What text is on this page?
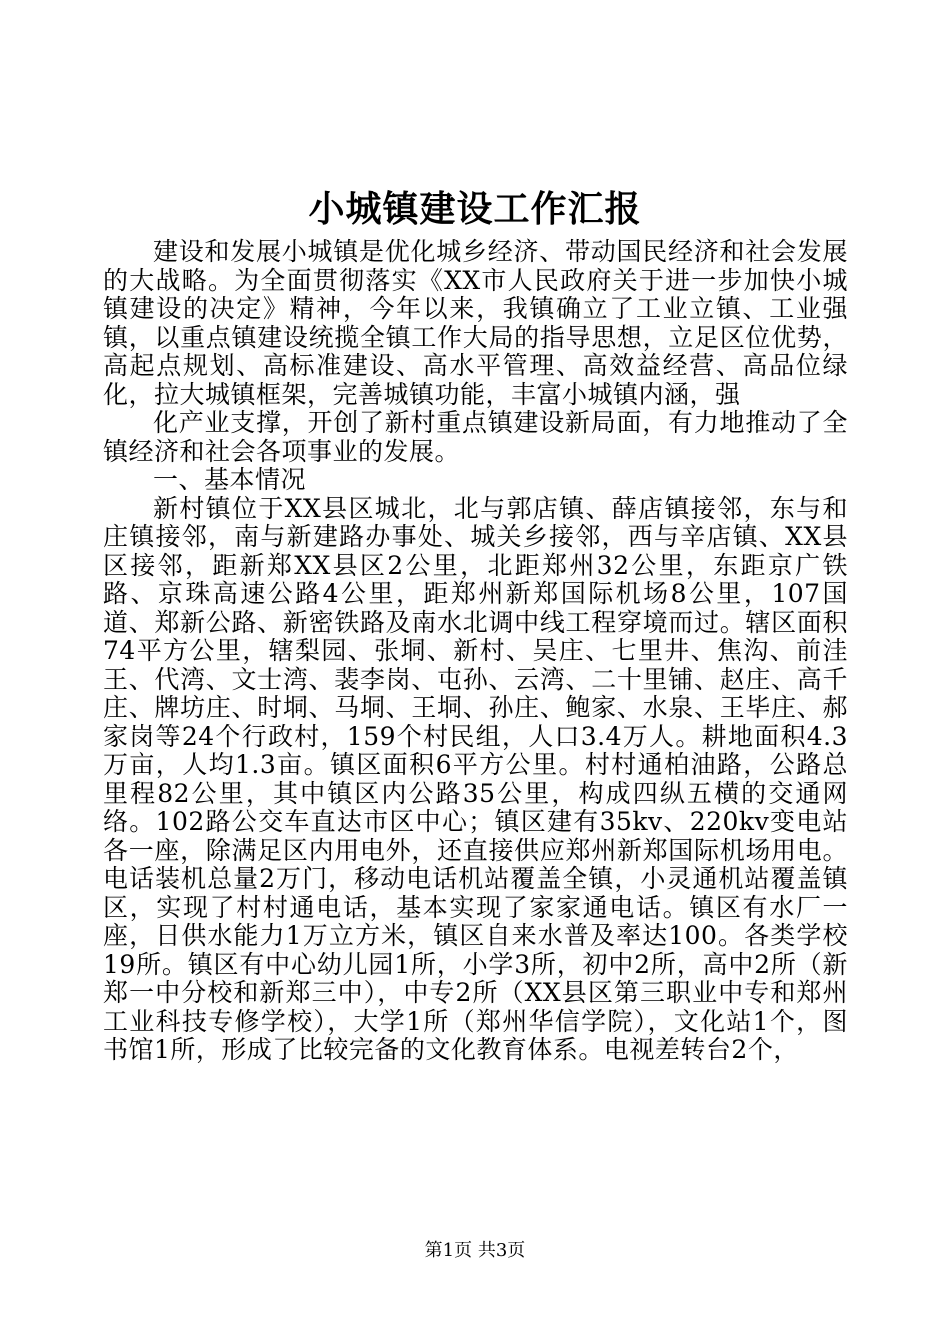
小城镇建设工作汇报

建设和发展小城镇是优化城乡经济、带动国民经济和社会发展的大战略。为全面贯彻落实《XX市人民政府关于进一步加快小城镇建设的决定》精神，今年以来，我镇确立了工业立镇、工业强镇，以重点镇建设统揽全镇工作大局的指导思想，立足区位优势，高起点规划、高标准建设、高水平管理、高效益经营、高品位绿化，拉大城镇框架，完善城镇功能，丰富小城镇内涵，强

化产业支撑，开创了新村重点镇建设新局面，有力地推动了全镇经济和社会各项事业的发展。

一、基本情况

新村镇位于XX县区城北，北与郭店镇、薛店镇接邻，东与和庄镇接邻，南与新建路办事处、城关乡接邻，西与辛店镇、XX县区接邻，距新郑XX县区2公里，北距郑州32公里，东距京广铁路、京珠高速公路4公里，距郑州新郑国际机场8公里，107国道、郑新公路、新密铁路及南水北调中线工程穿境而过。辖区面积74平方公里，辖梨园、张垌、新村、吴庄、七里井、焦沟、前洼王、代湾、文士湾、裴李岗、屯孙、云湾、二十里铺、赵庄、高千庄、牌坊庄、时垌、马垌、王垌、孙庄、鲍家、水泉、王毕庄、郝家岗等24个行政村，159个村民组，人口3.4万人。耕地面积4.3万亩，人均1.3亩。镇区面积6平方公里。村村通柏油路，公路总里程82公里，其中镇区内公路35公里，构成四纵五横的交通网络。102路公交车直达市区中心；镇区建有35kv、220kv变电站各一座，除满足区内用电外，还直接供应郑州新郑国际机场用电。电话装机总量2万门，移动电话机站覆盖全镇，小灵通机站覆盖镇区，实现了村村通电话，基本实现了家家通电话。镇区有水厂一座，日供水能力1万立方米，镇区自来水普及率达100。各类学校19所。镇区有中心幼儿园1所，小学3所，初中2所，高中2所（新郑一中分校和新郑三中），中专2所（XX县区第三职业中专和郑州工业科技专修学校），大学1所（郑州华信学院），文化站1个，图书馆1所，形成了比较完备的文化教育体系。电视差转台2个，

第1页 共3页
